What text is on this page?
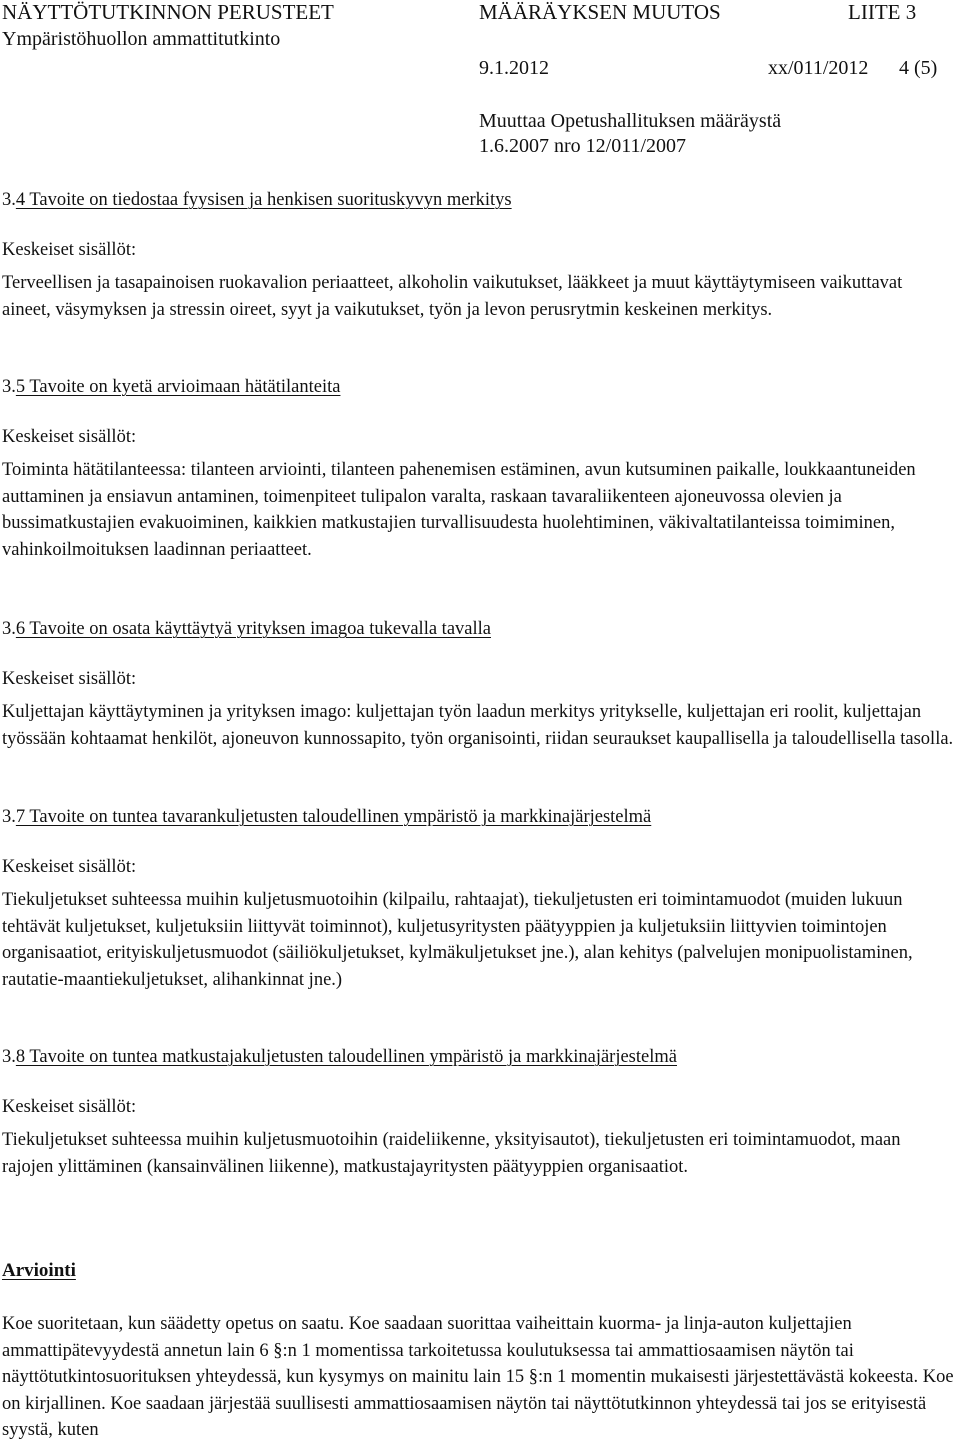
NÄYTTÖTUTKINNON PERUSTEET
Ympäristöhuollon ammattitutkinto
MÄÄRÄYKSEN MUUTOS	LIITE 3
9.1.2012	xx/011/2012 4 (5)
Muuttaa Opetushallituksen määräystä
1.6.2007 nro 12/011/2007
3.4 Tavoite on tiedostaa fyysisen ja henkisen suorituskyvyn merkitys
Keskeiset sisällöt:
Terveellisen ja tasapainoisen ruokavalion periaatteet, alkoholin vaikutukset, lääkkeet ja muut käyttäytymiseen vaikuttavat aineet, väsymyksen ja stressin oireet, syyt ja vaikutukset, työn ja levon perusrytmin keskeinen merkitys.
3.5 Tavoite on kyetä arvioimaan hätätilanteita
Keskeiset sisällöt:
Toiminta hätätilanteessa: tilanteen arviointi, tilanteen pahenemisen estäminen, avun kutsuminen paikalle, loukkaantuneiden auttaminen ja ensiavun antaminen, toimenpiteet tulipalon varalta, raskaan tavaraliikenteen ajoneuvossa olevien ja bussimatkustajien evakuoiminen, kaikkien matkustajien turvallisuudesta huolehtiminen, väkivaltatilanteissa toimiminen, vahinkoilmoituksen laadinnan periaatteet.
3.6 Tavoite on osata käyttäytyä yrityksen imagoa tukevalla tavalla
Keskeiset sisällöt:
Kuljettajan käyttäytyminen ja yrityksen imago: kuljettajan työn laadun merkitys yritykselle, kuljettajan eri roolit, kuljettajan työssään kohtaamat henkilöt, ajoneuvon kunnossapito, työn organisointi, riidan seuraukset kaupallisella ja taloudellisella tasolla.
3.7 Tavoite on tuntea tavarankuljetusten taloudellinen ympäristö ja markkinajärjestelmä
Keskeiset sisällöt:
Tiekuljetukset suhteessa muihin kuljetusmuotoihin (kilpailu, rahtaajat), tiekuljetusten eri toimintamuodot (muiden lukuun tehtävät kuljetukset, kuljetuksiin liittyvät toiminnot), kuljetusyritysten päätyyppien ja kuljetuksiin liittyvien toimintojen organisaatiot, erityiskuljetusmuodot (säiliökuljetukset, kylmäkuljetukset jne.), alan kehitys (palvelujen monipuolistaminen, rautatie-maantiekuljetukset, alihankinnat jne.)
3.8 Tavoite on tuntea matkustajakuljetusten taloudellinen ympäristö ja markkinajärjestelmä
Keskeiset sisällöt:
Tiekuljetukset suhteessa muihin kuljetusmuotoihin (raideliikenne, yksityisautot), tiekuljetusten eri toimintamuodot, maan rajojen ylittäminen (kansainvälinen liikenne), matkustajayritysten päätyyppien organisaatiot.
Arviointi
Koe suoritetaan, kun säädetty opetus on saatu. Koe saadaan suorittaa vaiheittain kuorma- ja linja-auton kuljettajien ammattipätevyydestä annetun lain 6 §:n 1 momentissa tarkoitetussa koulutuksessa tai ammattiosaamisen näytön tai näyttötutkintosuorituksen yhteydessä, kun kysymys on mainitu lain 15 §:n 1 momentin mukaisesti järjestettävästä kokeesta. Koe on kirjallinen. Koe saadaan järjestää suullisesti ammattiosaamisen näytön tai näyttötutkinnon yhteydessä tai jos se erityisestä syystä, kuten
